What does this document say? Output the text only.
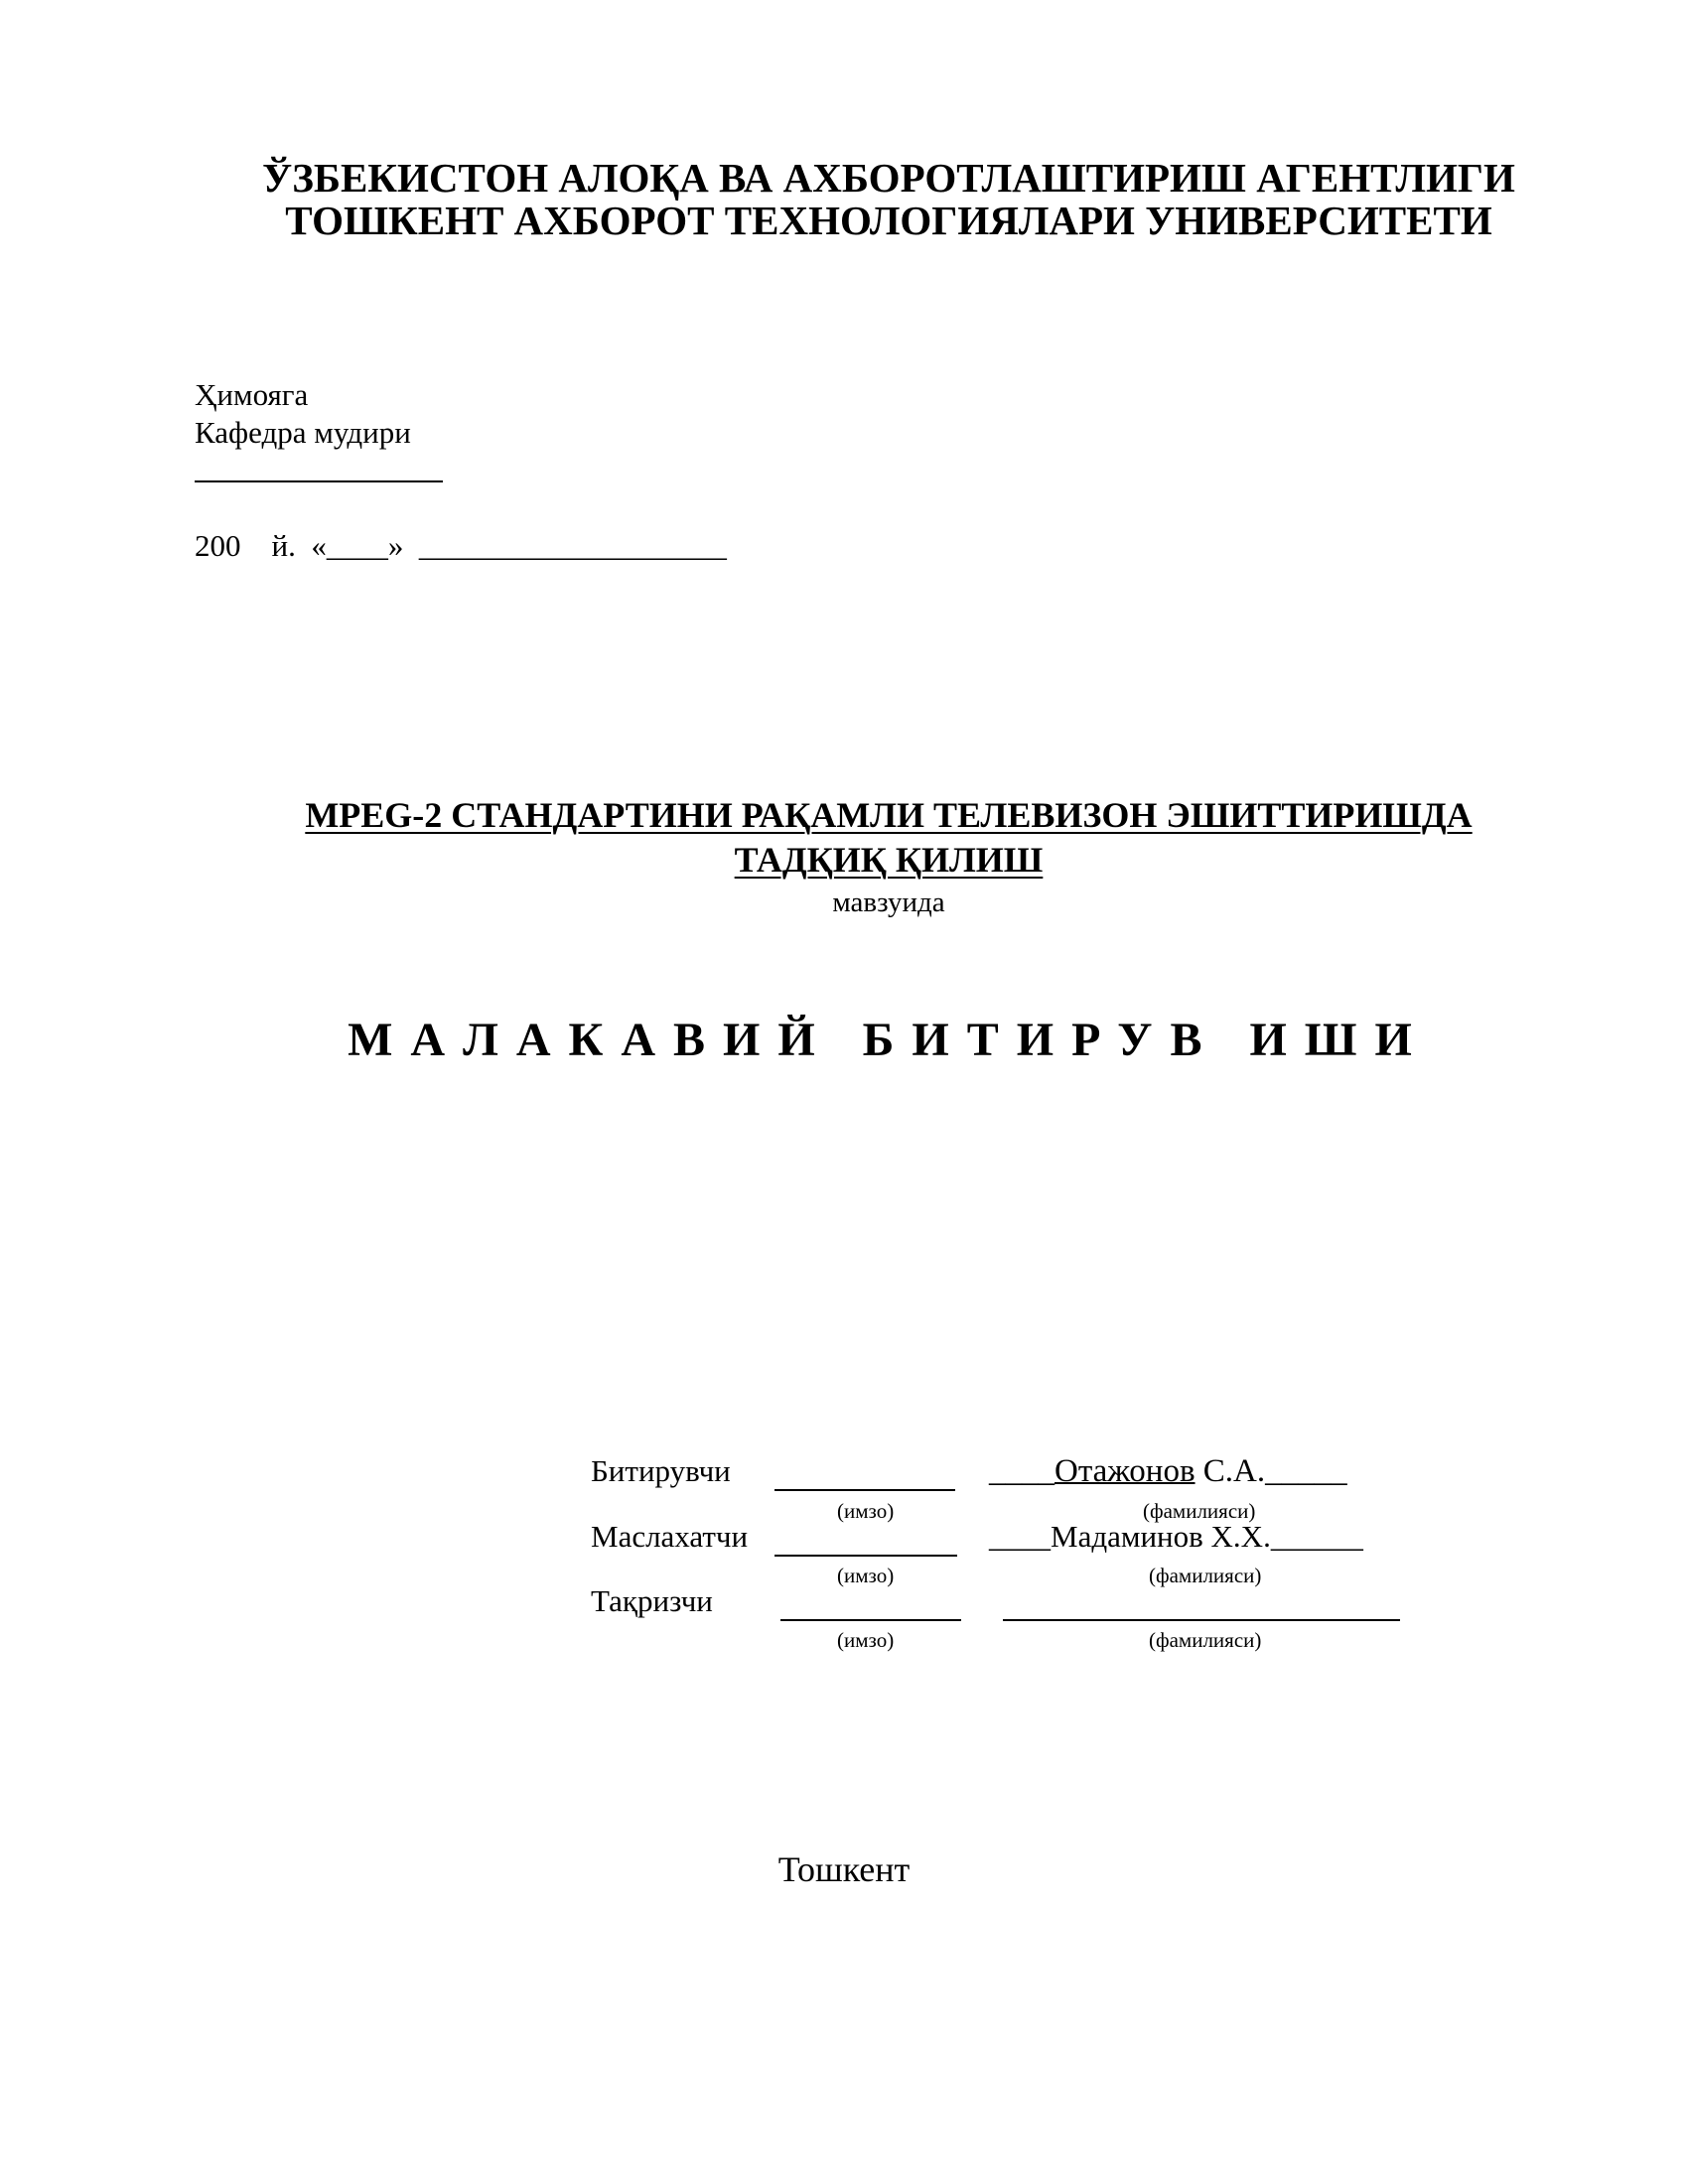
ЎЗБЕКИСТОН АЛОҚА ВА АХБОРОТЛАШТИРИШ АГЕНТЛИГИ
ТОШКЕНТ АХБОРОТ ТЕХНОЛОГИЯЛАРИ УНИВЕРСИТЕТИ
Ҳимояга
Кафедра мудири
200    й.  «____»  ____________________
MPEG-2 СТАНДАРТИНИ РАҚАМЛИ ТЕЛЕВИЗОН ЭШИТТИРИШДА
ТАДҚИҚ ҚИЛИШ
мавзуида
МАЛАКАВИЙ БИТИРУВ ИШИ
Битирувчи	____Отажонов С.А._____
(имзо)	(фамилияси)
Маслахатчи	____Мадаминов Х.Х.______
(имзо)	(фамилияси)
Тақризчи
(имзо)	(фамилияси)
Тошкент
